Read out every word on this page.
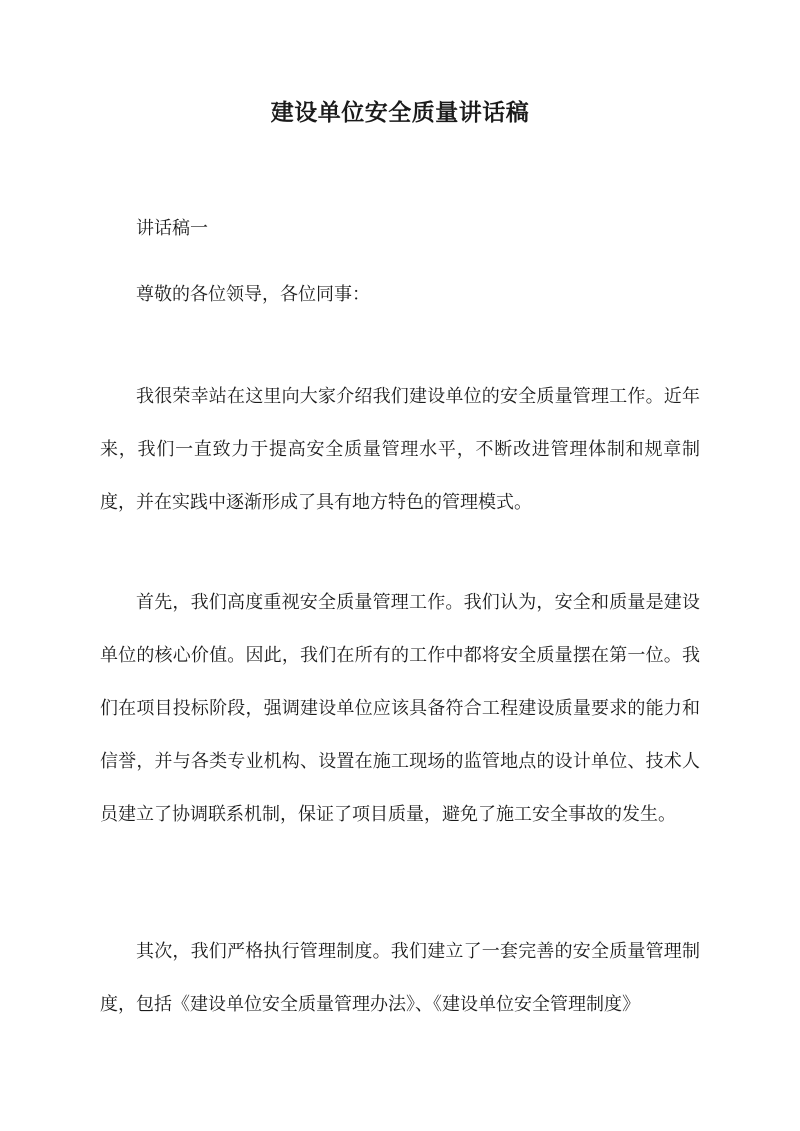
建设单位安全质量讲话稿
讲话稿一
尊敬的各位领导，各位同事：
我很荣幸站在这里向大家介绍我们建设单位的安全质量管理工作。近年来，我们一直致力于提高安全质量管理水平，不断改进管理体制和规章制度，并在实践中逐渐形成了具有地方特色的管理模式。
首先，我们高度重视安全质量管理工作。我们认为，安全和质量是建设单位的核心价值。因此，我们在所有的工作中都将安全质量摆在第一位。我们在项目投标阶段，强调建设单位应该具备符合工程建设质量要求的能力和信誉，并与各类专业机构、设置在施工现场的监管地点的设计单位、技术人员建立了协调联系机制，保证了项目质量，避免了施工安全事故的发生。
其次，我们严格执行管理制度。我们建立了一套完善的安全质量管理制度，包括《建设单位安全质量管理办法》、《建设单位安全管理制度》
